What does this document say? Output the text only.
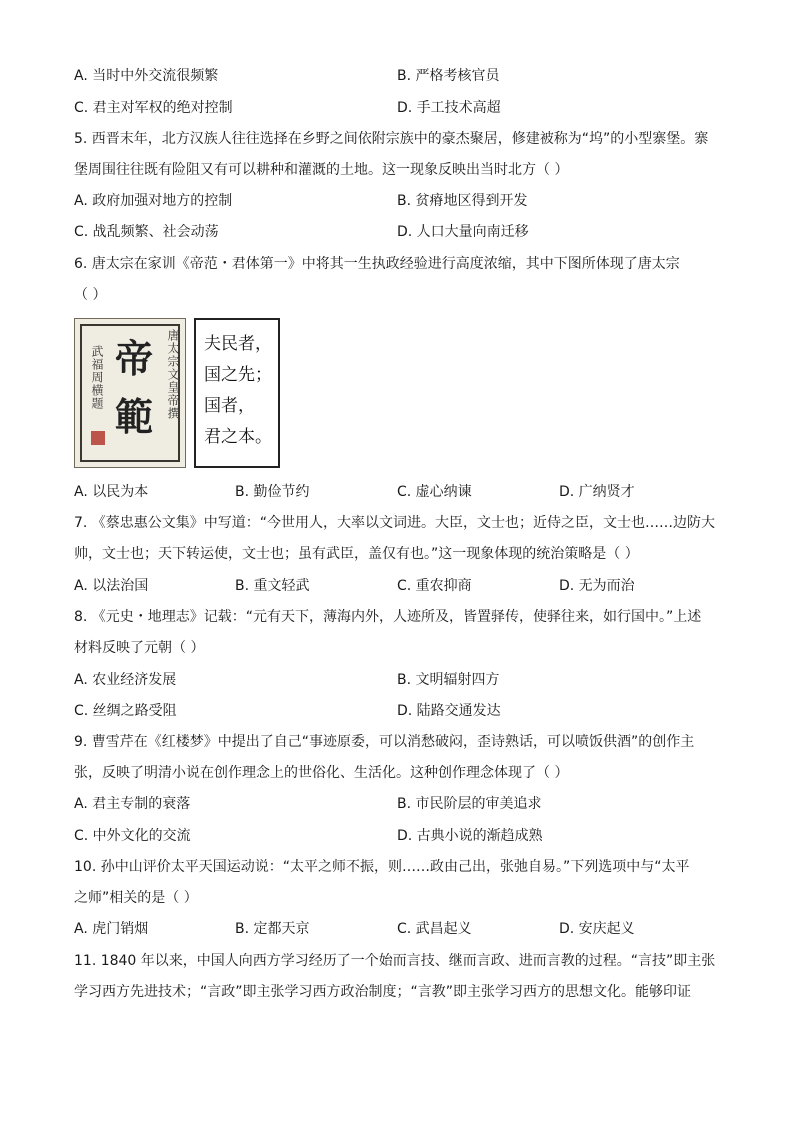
A. 当时中外交流很频繁	B. 严格考核官员
C. 君主对军权的绝对控制	D. 手工技术高超
5. 西晋末年，北方汉族人往往选择在乡野之间依附宗族中的豪杰聚居，修建被称为“坞”的小型寨堡。寨
堡周围往往既有险阻又有可以耕种和灌溉的土地。这一现象反映出当时北方（ ）
A. 政府加强对地方的控制	B. 贫瘠地区得到开发
C. 战乱频繁、社会动荡	D. 人口大量向南迁移
6. 唐太宗在家训《帝范・君体第一》中将其一生执政经验进行高度浓缩，其中下图所体现了唐太宗
（ ）
唐太宗文皇帝撰
帝
範
武福周横题
夫民者，
国之先；
国者，
君之本。
A. 以民为本	B. 勤俭节约	C. 虚心纳谏	D. 广纳贤才
7. 《蔡忠惠公文集》中写道：“今世用人，大率以文词进。大臣，文士也；近侍之臣，文士也……边防大
帅，文士也；天下转运使，文士也；虽有武臣，盖仅有也。”这一现象体现的统治策略是（ ）
A. 以法治国	B. 重文轻武	C. 重农抑商	D. 无为而治
8. 《元史・地理志》记载：“元有天下，薄海内外，人迹所及，皆置驿传，使驿往来，如行国中。”上述
材料反映了元朝（ ）
A. 农业经济发展	B. 文明辐射四方
C. 丝绸之路受阻	D. 陆路交通发达
9. 曹雪芹在《红楼梦》中提出了自己“事迹原委，可以消愁破闷，歪诗熟话，可以喷饭供酒”的创作主
张，反映了明清小说在创作理念上的世俗化、生活化。这种创作理念体现了（ ）
A. 君主专制的衰落	B. 市民阶层的审美追求
C. 中外文化的交流	D. 古典小说的渐趋成熟
10. 孙中山评价太平天国运动说：“太平之师不振，则……政由己出，张弛自易。”下列选项中与“太平
之师”相关的是（ ）
A. 虎门销烟	B. 定都天京	C. 武昌起义	D. 安庆起义
11. 1840 年以来，中国人向西方学习经历了一个始而言技、继而言政、进而言教的过程。“言技”即主张
学习西方先进技术；“言政”即主张学习西方政治制度；“言教”即主张学习西方的思想文化。能够印证
